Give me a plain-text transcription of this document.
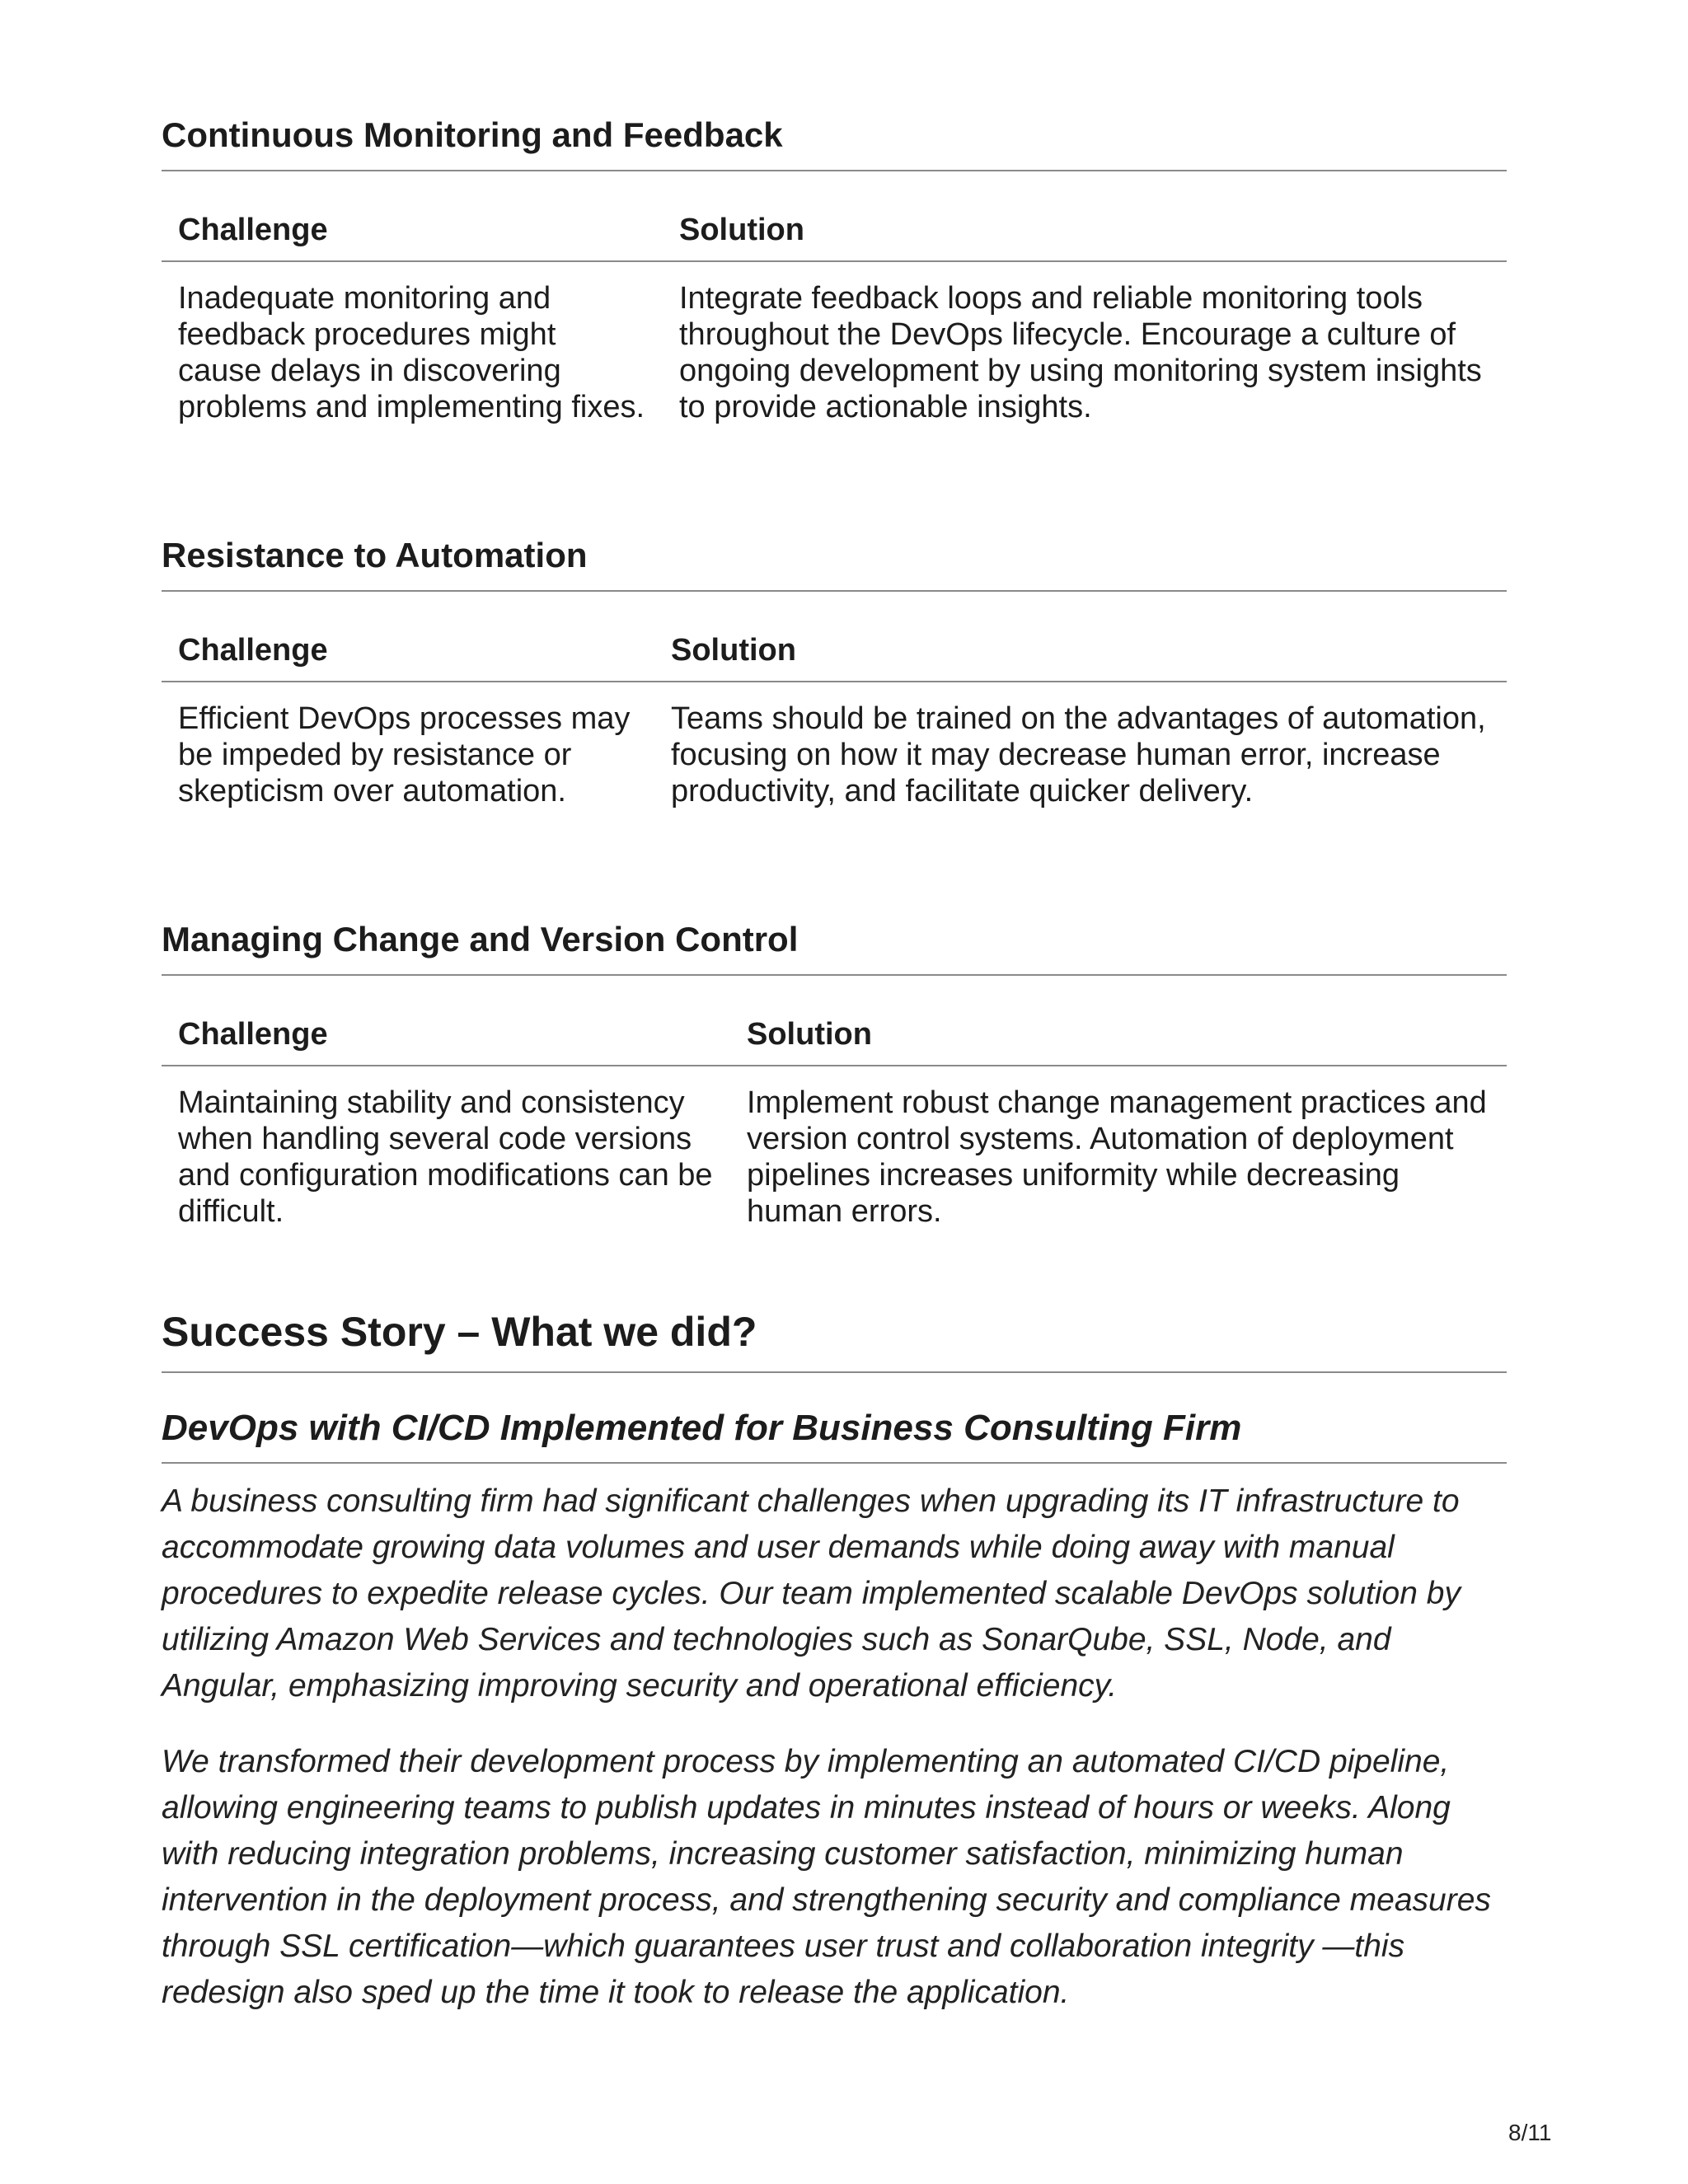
Continuous Monitoring and Feedback
Challenge	Solution
Inadequate monitoring and feedback procedures might cause delays in discovering problems and implementing fixes.	Integrate feedback loops and reliable monitoring tools throughout the DevOps lifecycle. Encourage a culture of ongoing development by using monitoring system insights to provide actionable insights.
Resistance to Automation
Challenge	Solution
Efficient DevOps processes may be impeded by resistance or skepticism over automation.	Teams should be trained on the advantages of automation, focusing on how it may decrease human error, increase productivity, and facilitate quicker delivery.
Managing Change and Version Control
Challenge	Solution
Maintaining stability and consistency when handling several code versions and configuration modifications can be difficult.	Implement robust change management practices and version control systems. Automation of deployment pipelines increases uniformity while decreasing human errors.
Success Story – What we did?
DevOps with CI/CD Implemented for Business Consulting Firm

A business consulting firm had significant challenges when upgrading its IT infrastructure to accommodate growing data volumes and user demands while doing away with manual procedures to expedite release cycles. Our team implemented scalable DevOps solution by utilizing Amazon Web Services and technologies such as SonarQube, SSL, Node, and Angular, emphasizing improving security and operational efficiency.

We transformed their development process by implementing an automated CI/CD pipeline, allowing engineering teams to publish updates in minutes instead of hours or weeks. Along with reducing integration problems, increasing customer satisfaction, minimizing human intervention in the deployment process, and strengthening security and compliance measures through SSL certification—which guarantees user trust and collaboration integrity —this redesign also sped up the time it took to release the application.

8/11
